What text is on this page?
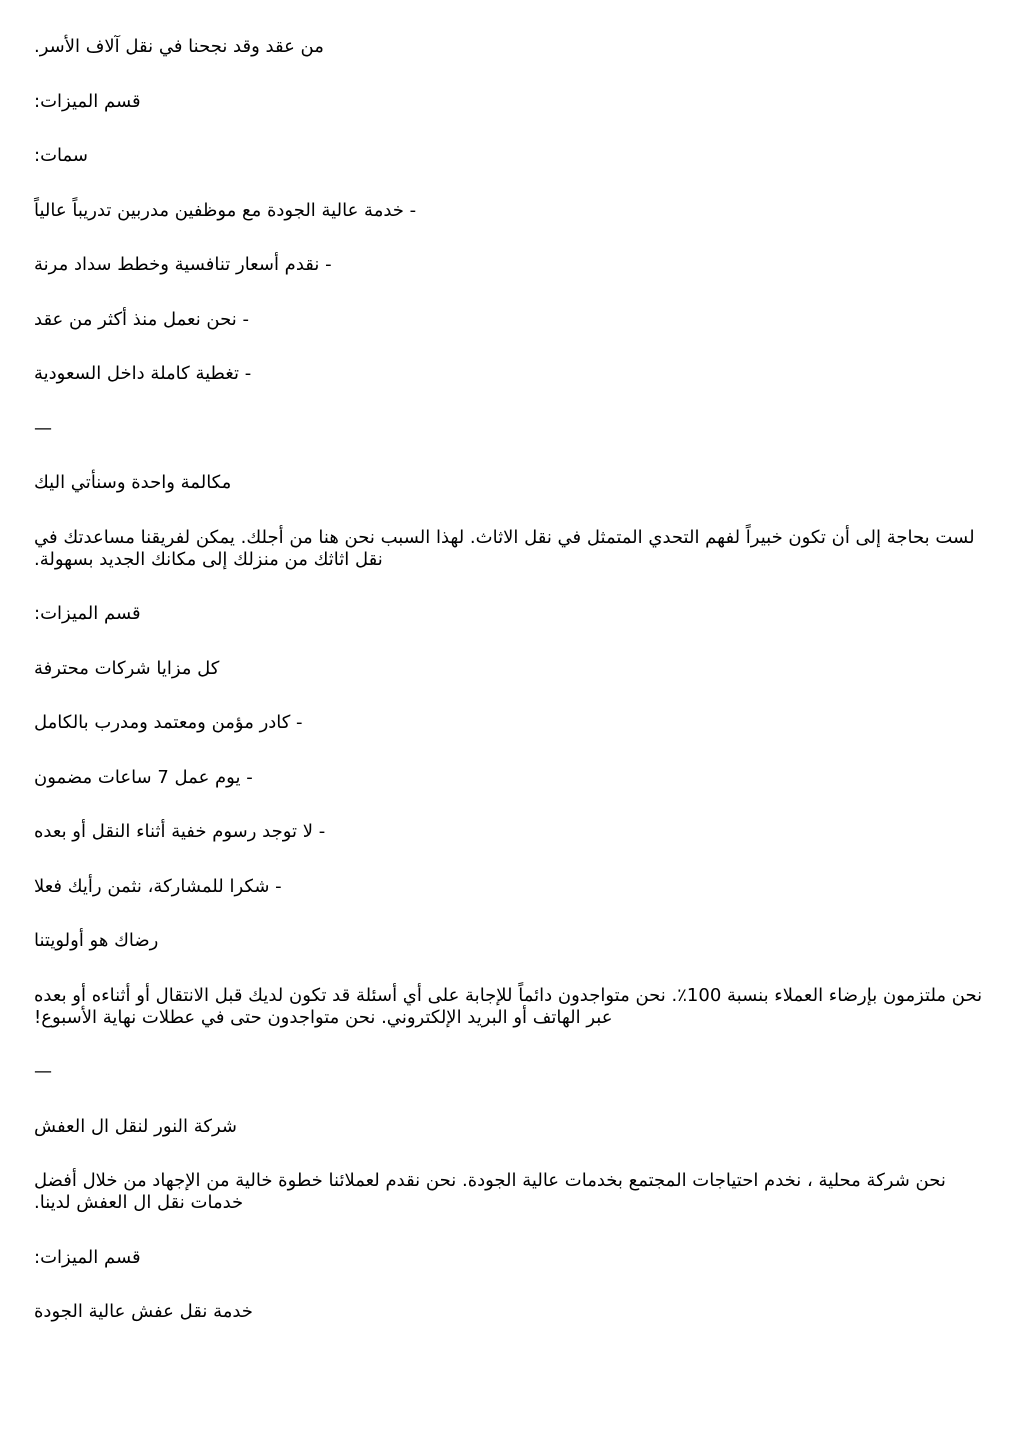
من عقد وقد نجحنا في نقل آلاف الأسر.

قسم الميزات:

سمات:

- خدمة عالية الجودة مع موظفين مدربين تدريباً عالياً

- نقدم أسعار تنافسية وخطط سداد مرنة

- نحن نعمل منذ أكثر من عقد

- تغطية كاملة داخل السعودية

—

مكالمة واحدة وسنأتي اليك

لست بحاجة إلى أن تكون خبيراً لفهم التحدي المتمثل في نقل الاثاث. لهذا السبب نحن هنا من أجلك. يمكن لفريقنا مساعدتك في نقل اثاثك من منزلك إلى مكانك الجديد بسهولة.

قسم الميزات:

كل مزايا شركات محترفة

- كادر مؤمن ومعتمد ومدرب بالكامل

- يوم عمل 7 ساعات مضمون

- لا توجد رسوم خفية أثناء النقل أو بعده

- شكرا للمشاركة، نثمن رأيك فعلا

رضاك هو أولويتنا

نحن ملتزمون بإرضاء العملاء بنسبة 100٪. نحن متواجدون دائماً للإجابة على أي أسئلة قد تكون لديك قبل الانتقال أو أثناءه أو بعده عبر الهاتف أو البريد الإلكتروني. نحن متواجدون حتى في عطلات نهاية الأسبوع!

—

شركة النور لنقل ال العفش

نحن شركة محلية ، نخدم احتياجات المجتمع بخدمات عالية الجودة. نحن نقدم لعملائنا خطوة خالية من الإجهاد من خلال أفضل خدمات نقل ال العفش لدينا.

قسم الميزات:

خدمة نقل عفش عالية الجودة
